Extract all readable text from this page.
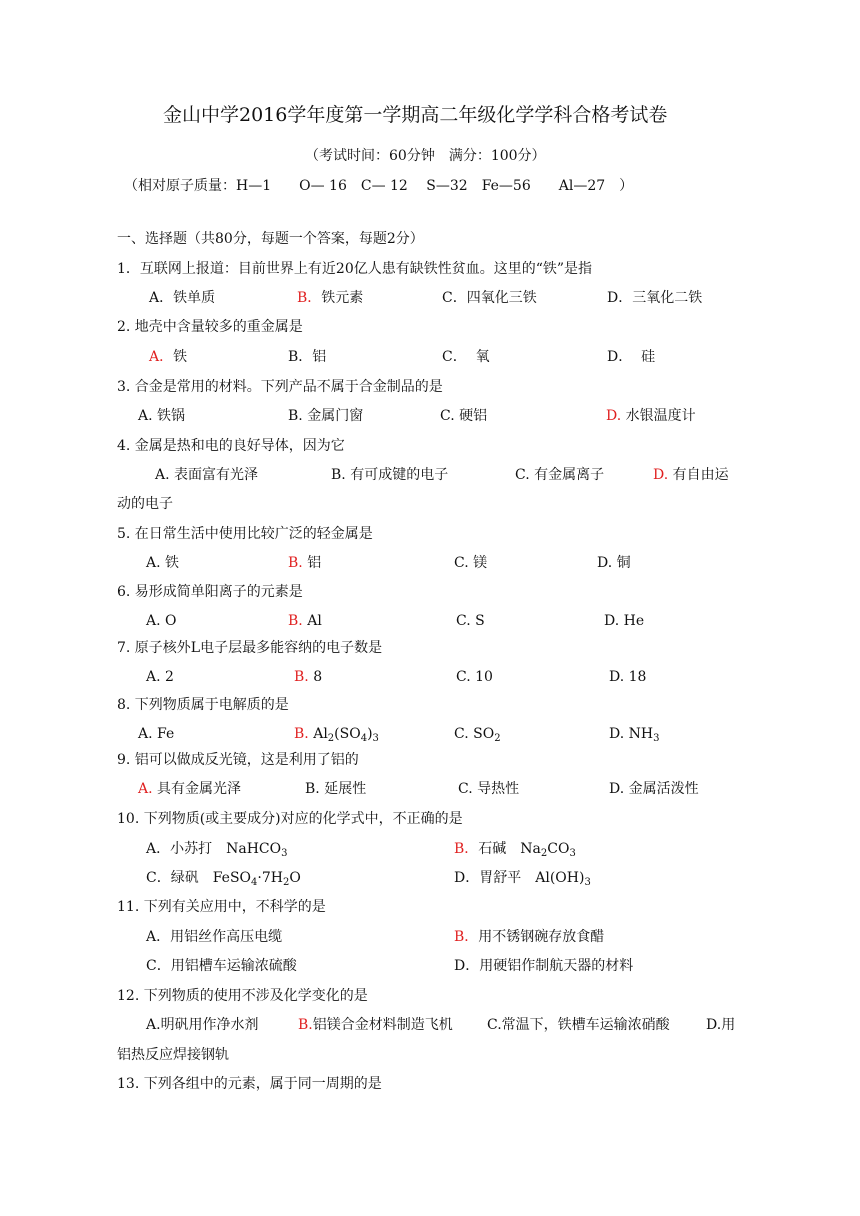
金山中学2016学年度第一学期高二年级化学学科合格考试卷
（考试时间：60分钟　满分：100分）
（相对原子质量：H—1　　O— 16　C— 12　 S—32　Fe—56　　Al—27　）
一、选择题（共80分，每题一个答案，每题2分）
1．互联网上报道：目前世界上有近20亿人患有缺铁性贫血。这里的“铁”是指
A．铁单质	B．铁元素	C．四氧化三铁	D．三氧化二铁
2. 地壳中含量较多的重金属是
A．铁	B．铝	C． 氧	D． 硅
3. 合金是常用的材料。下列产品不属于合金制品的是
A. 铁锅	B. 金属门窗	C. 硬铝	D. 水银温度计
4. 金属是热和电的良好导体，因为它
A. 表面富有光泽	B. 有可成键的电子	C. 有金属离子	D. 有自由运
动的电子
5. 在日常生活中使用比较广泛的轻金属是
A. 铁	B. 铝	C. 镁	D. 铜
6. 易形成简单阳离子的元素是
A. O	B. Al	C. S	D. He
7. 原子核外L电子层最多能容纳的电子数是
A. 2	B. 8	C. 10	D. 18
8. 下列物质属于电解质的是
A. Fe	B. $Al_2(SO_4)_3$	C. $SO_2$	D. $NH_3$
9. 铝可以做成反光镜，这是利用了铝的
A. 具有金属光泽	B. 延展性	C. 导热性	D. 金属活泼性
10. 下列物质(或主要成分)对应的化学式中，不正确的是
A．小苏打　NaHCO$_3$	B．石碱　$Na_2CO_3$
C．绿矾　$FeSO_4\cdot 7H_2O$	D．胃舒平　$Al(OH)_3$
11. 下列有关应用中，不科学的是
A．用铝丝作高压电缆	B．用不锈钢碗存放食醋
C．用铝槽车运输浓硫酸	D．用硬铝作制航天器的材料
12. 下列物质的使用不涉及化学变化的是
A.明矾用作净水剂	B.铝镁合金材料制造飞机 C.常温下，铁槽车运输浓硝酸	D.用
铝热反应焊接钢轨
13. 下列各组中的元素，属于同一周期的是
